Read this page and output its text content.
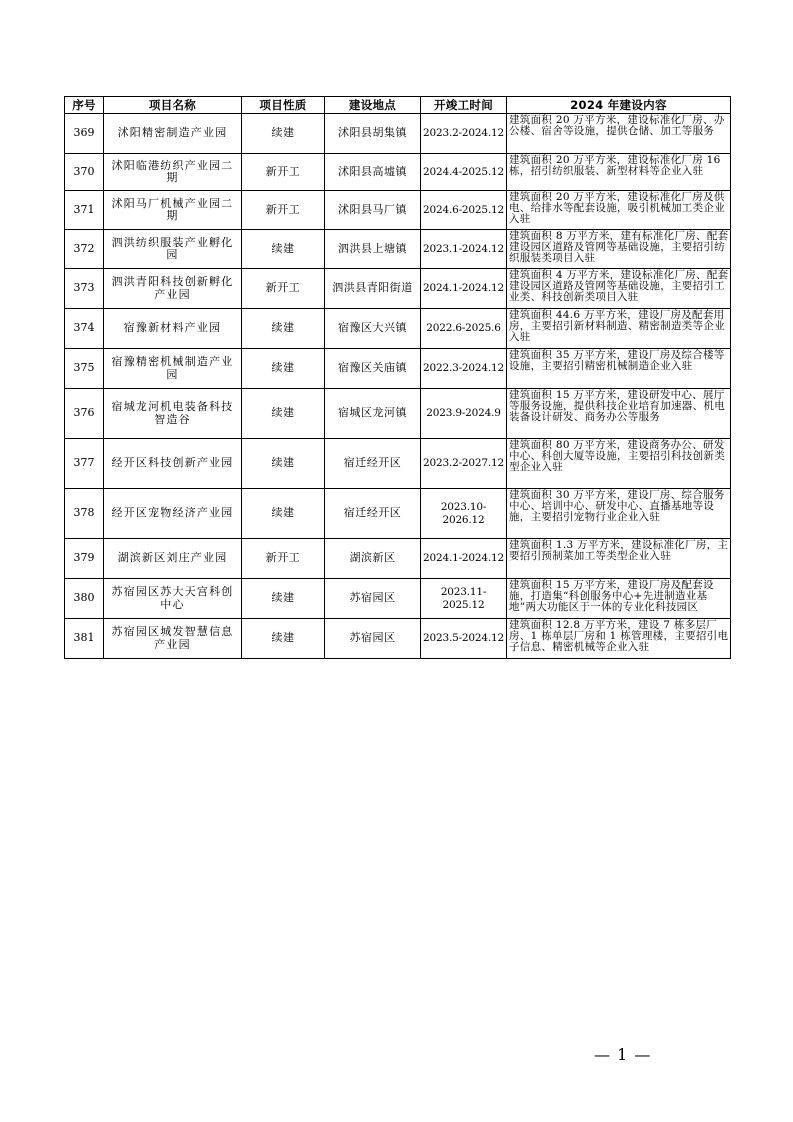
序号	项目名称	项目性质	建设地点	开竣工时间	2024 年建设内容
369	沭阳精密制造产业园	续建	沭阳县胡集镇	2023.2-2024.12	建筑面积 20 万平方米，建设标准化厂房、办公楼、宿舍等设施，提供仓储、加工等服务
370	沭阳临港纺织产业园二期	新开工	沭阳县高墟镇	2024.4-2025.12	建筑面积 20 万平方米，建设标准化厂房 16 栋，招引纺织服装、新型材料等企业入驻
371	沭阳马厂机械产业园二期	新开工	沭阳县马厂镇	2024.6-2025.12	建筑面积 20 万平方米，建设标准化厂房及供电、给排水等配套设施，吸引机械加工类企业入驻
372	泗洪纺织服装产业孵化园	续建	泗洪县上塘镇	2023.1-2024.12	建筑面积 8 万平方米，建有标准化厂房、配套建设园区道路及管网等基础设施，主要招引纺织服装类项目入驻
373	泗洪青阳科技创新孵化产业园	新开工	泗洪县青阳街道	2024.1-2024.12	建筑面积 4 万平方米，建设标准化厂房、配套建设园区道路及管网等基础设施，主要招引工业类、科技创新类项目入驻
374	宿豫新材料产业园	续建	宿豫区大兴镇	2022.6-2025.6	建筑面积 44.6 万平方米，建设厂房及配套用房，主要招引新材料制造、精密制造类等企业入驻
375	宿豫精密机械制造产业园	续建	宿豫区关庙镇	2022.3-2024.12	建筑面积 35 万平方米，建设厂房及综合楼等设施，主要招引精密机械制造企业入驻
376	宿城龙河机电装备科技智造谷	续建	宿城区龙河镇	2023.9-2024.9	建筑面积 15 万平方米，建设研发中心、展厅等服务设施，提供科技企业培育加速器、机电装备设计研发、商务办公等服务
377	经开区科技创新产业园	续建	宿迁经开区	2023.2-2027.12	建筑面积 80 万平方米，建设商务办公、研发中心、科创大厦等设施，主要招引科技创新类型企业入驻
378	经开区宠物经济产业园	续建	宿迁经开区	2023.10-2026.12	建筑面积 30 万平方米，建设厂房、综合服务中心、培训中心、研发中心、直播基地等设施，主要招引宠物行业企业入驻
379	湖滨新区刘庄产业园	新开工	湖滨新区	2024.1-2024.12	建筑面积 1.3 万平方米，建设标准化厂房，主要招引预制菜加工等类型企业入驻
380	苏宿园区苏大天宫科创中心	续建	苏宿园区	2023.11-2025.12	建筑面积 15 万平方米，建设厂房及配套设施，打造集“科创服务中心+先进制造业基地”两大功能区于一体的专业化科技园区
381	苏宿园区城发智慧信息产业园	续建	苏宿园区	2023.5-2024.12	建筑面积 12.8 万平方米，建设 7 栋多层厂房、1 栋单层厂房和 1 栋管理楼，主要招引电子信息、精密机械等企业入驻
— 1 —
